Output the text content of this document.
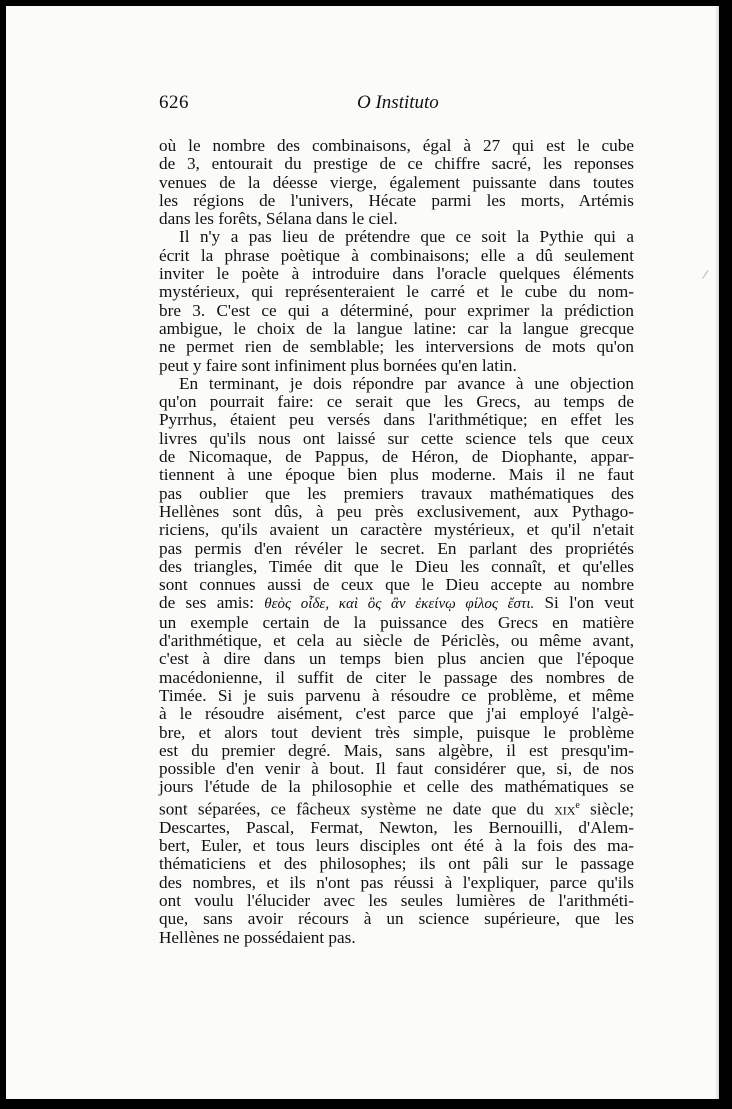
626	O Instituto
/
où le nombre des combinaisons, égal à 27 qui est le cube
de 3, entourait du prestige de ce chiffre sacré, les reponses
venues de la déesse vierge, également puissante dans toutes
les régions de l'univers, Hécate parmi les morts, Artémis
dans les forêts, Sélana dans le ciel.
Il n'y a pas lieu de prétendre que ce soit la Pythie qui a
écrit la phrase poètique à combinaisons; elle a dû seulement
inviter le poète à introduire dans l'oracle quelques éléments
mystérieux, qui représenteraient le carré et le cube du nom-
bre 3. C'est ce qui a déterminé, pour exprimer la prédiction
ambigue, le choix de la langue latine: car la langue grecque
ne permet rien de semblable; les interversions de mots qu'on
peut y faire sont infiniment plus bornées qu'en latin.
En terminant, je dois répondre par avance à une objection
qu'on pourrait faire: ce serait que les Grecs, au temps de
Pyrrhus, étaient peu versés dans l'arithmétique; en effet les
livres qu'ils nous ont laissé sur cette science tels que ceux
de Nicomaque, de Pappus, de Héron, de Diophante, appar-
tiennent à une époque bien plus moderne. Mais il ne faut
pas oublier que les premiers travaux mathématiques des
Hellènes sont dûs, à peu près exclusivement, aux Pythago-
riciens, qu'ils avaient un caractère mystérieux, et qu'il n'etait
pas permis d'en révéler le secret. En parlant des propriétés
des triangles, Timée dit que le Dieu les connaît, et qu'elles
sont connues aussi de ceux que le Dieu accepte au nombre
de ses amis: θεὸς οἶδε, καὶ ὃς ἂν ἐκείνῳ φίλος ἔστι. Si l'on veut
un exemple certain de la puissance des Grecs en matière
d'arithmétique, et cela au siècle de Périclès, ou même avant,
c'est à dire dans un temps bien plus ancien que l'époque
macédonienne, il suffit de citer le passage des nombres de
Timée. Si je suis parvenu à résoudre ce problème, et même
à le résoudre aisément, c'est parce que j'ai employé l'algè-
bre, et alors tout devient très simple, puisque le problème
est du premier degré. Mais, sans algèbre, il est presqu'im-
possible d'en venir à bout. Il faut considérer que, si, de nos
jours l'étude de la philosophie et celle des mathématiques se
sont séparées, ce fâcheux système ne date que du xix$^e$ siècle;
Descartes, Pascal, Fermat, Newton, les Bernouilli, d'Alem-
bert, Euler, et tous leurs disciples ont été à la fois des ma-
thématiciens et des philosophes; ils ont pâli sur le passage
des nombres, et ils n'ont pas réussi à l'expliquer, parce qu'ils
ont voulu l'élucider avec les seules lumières de l'arithméti-
que, sans avoir récours à un science supérieure, que les
Hellènes ne possédaient pas.
